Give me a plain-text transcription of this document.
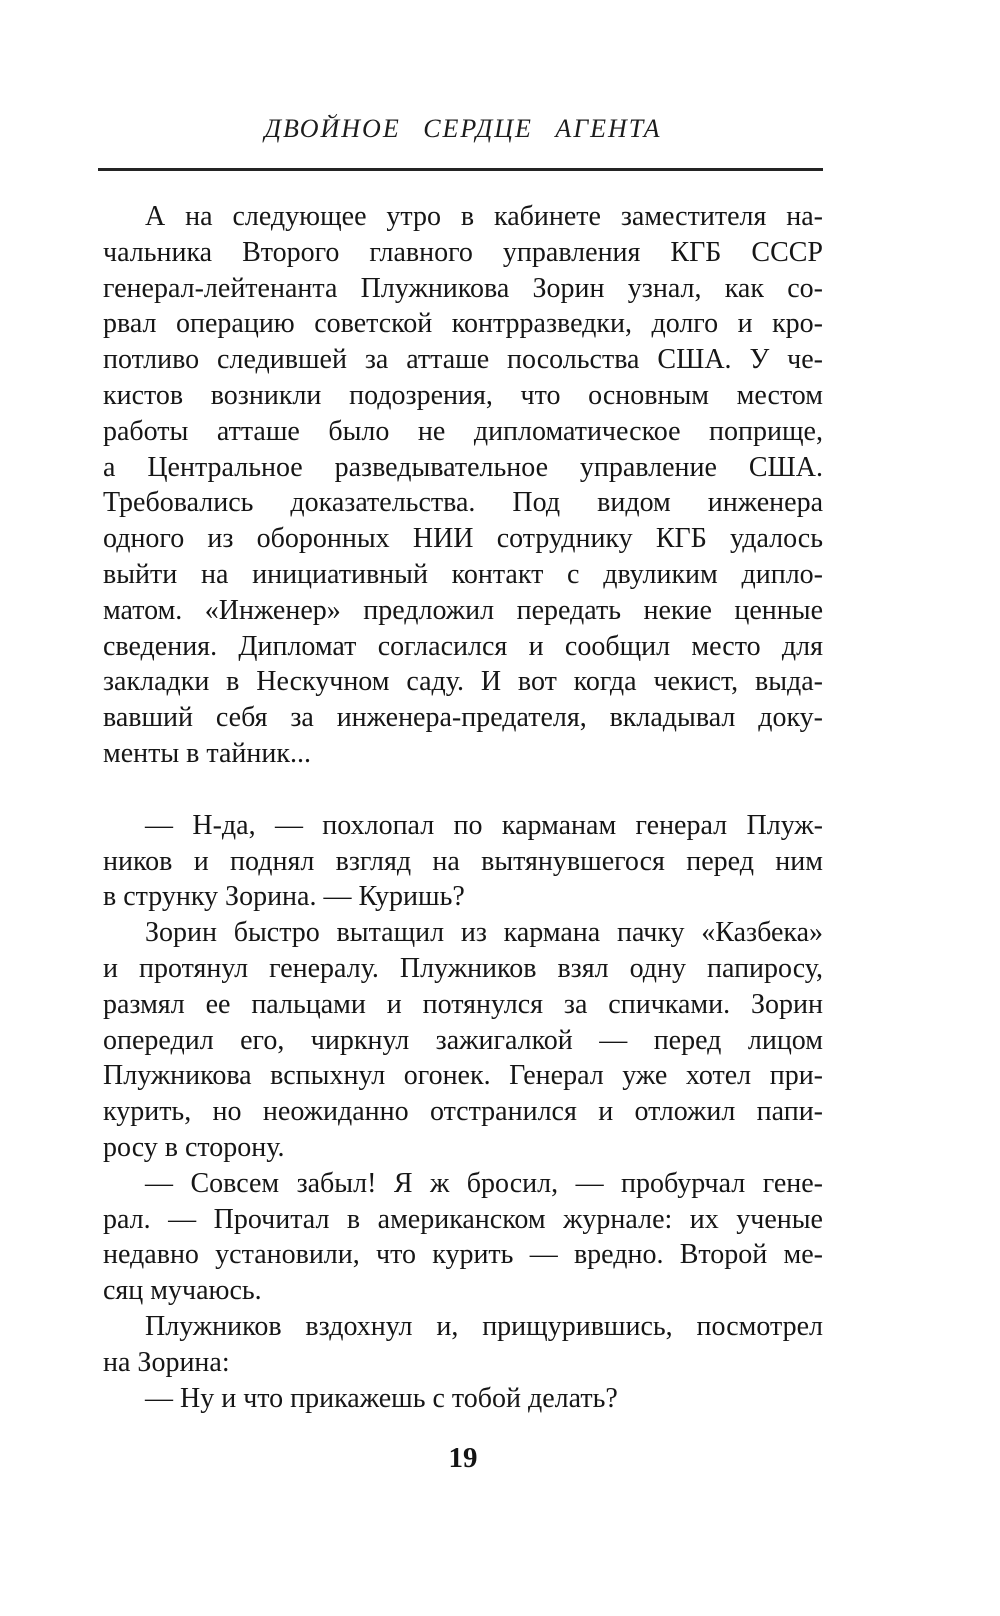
ДВОЙНОЕ СЕРДЦЕ АГЕНТА

А на следующее утро в кабинете заместителя на-
чальника Второго главного управления КГБ СССР
генерал-лейтенанта Плужникова Зорин узнал, как со-
рвал операцию советской контрразведки, долго и кро-
потливо следившей за атташе посольства США. У че-
кистов возникли подозрения, что основным местом
работы атташе было не дипломатическое поприще,
а Центральное разведывательное управление США.
Требовались доказательства. Под видом инженера
одного из оборонных НИИ сотруднику КГБ удалось
выйти на инициативный контакт с двуликим дипло-
матом. «Инженер» предложил передать некие ценные
сведения. Дипломат согласился и сообщил место для
закладки в Нескучном саду. И вот когда чекист, выда-
вавший себя за инженера-предателя, вкладывал доку-
менты в тайник...

— Н-да, — похлопал по карманам генерал Плуж-
ников и поднял взгляд на вытянувшегося перед ним
в струнку Зорина. — Куришь?

Зорин быстро вытащил из кармана пачку «Казбека»
и протянул генералу. Плужников взял одну папиросу,
размял ее пальцами и потянулся за спичками. Зорин
опередил его, чиркнул зажигалкой — перед лицом
Плужникова вспыхнул огонек. Генерал уже хотел при-
курить, но неожиданно отстранился и отложил папи-
росу в сторону.

— Совсем забыл! Я ж бросил, — пробурчал гене-
рал. — Прочитал в американском журнале: их ученые
недавно установили, что курить — вредно. Второй ме-
сяц мучаюсь.

Плужников вздохнул и, прищурившись, посмотрел
на Зорина:

— Ну и что прикажешь с тобой делать?

19
